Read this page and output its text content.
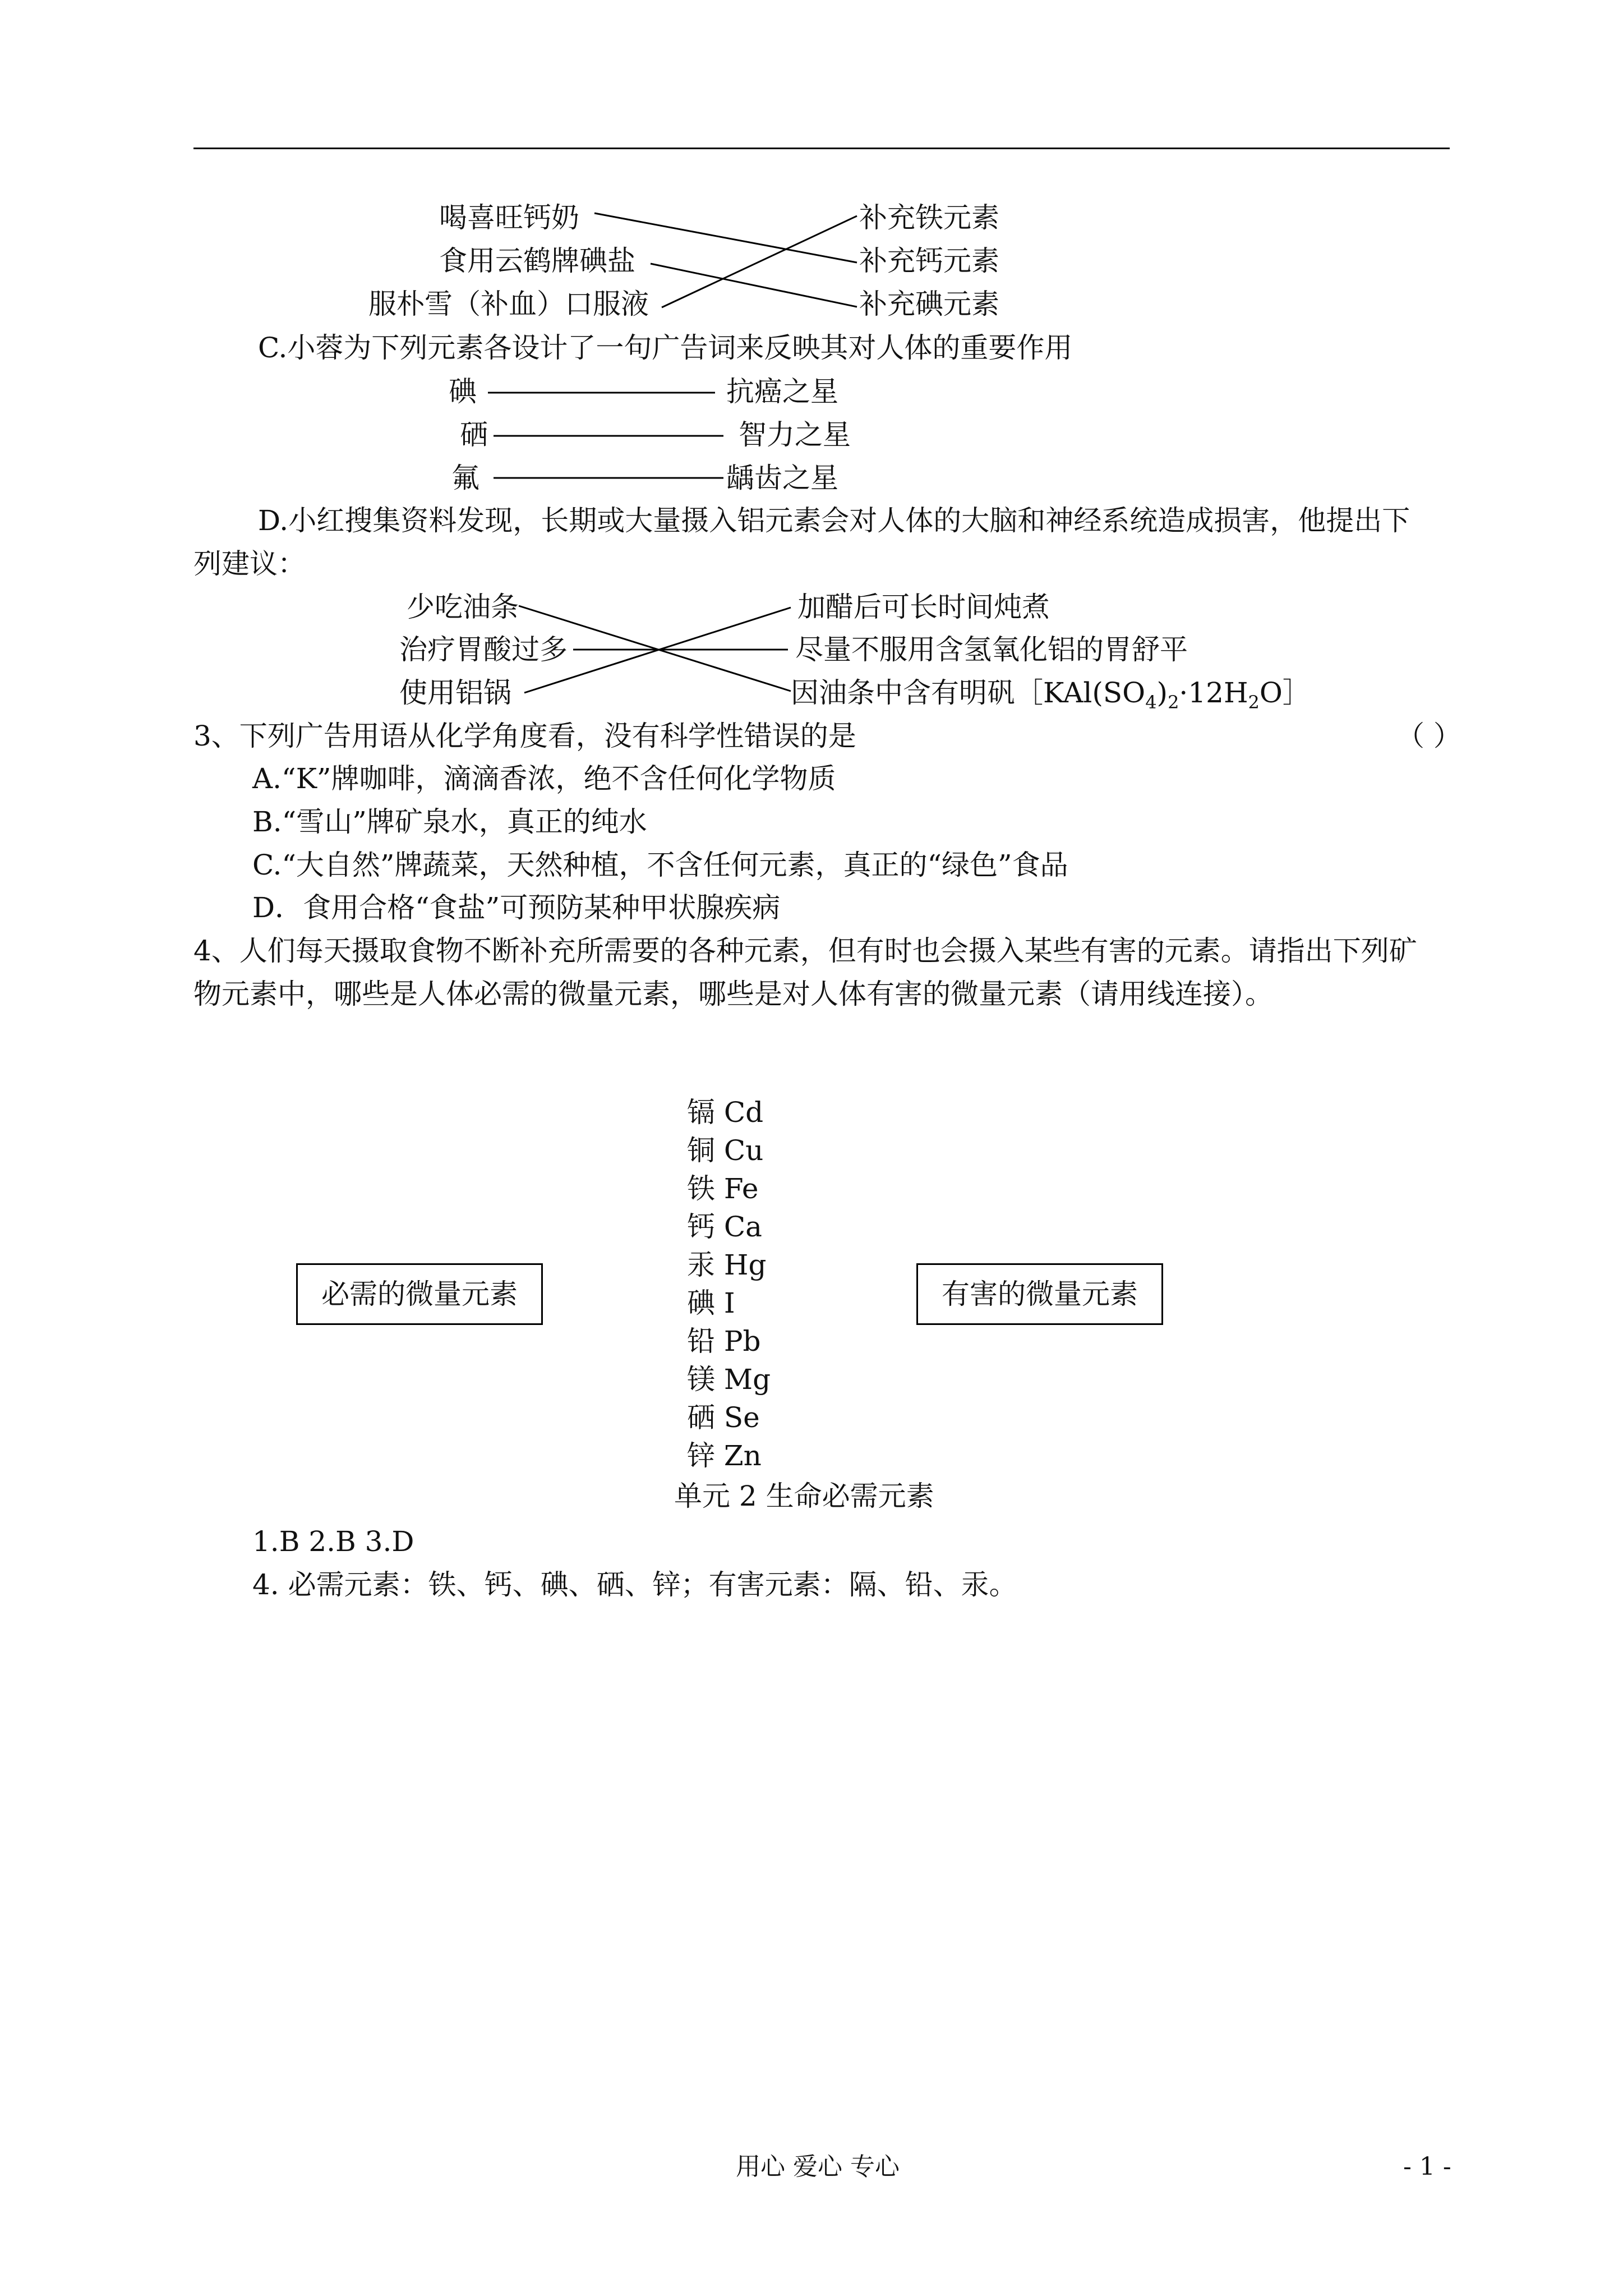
喝喜旺钙奶
食用云鹤牌碘盐
服朴雪（补血）口服液
补充铁元素
补充钙元素
补充碘元素
C.小蓉为下列元素各设计了一句广告词来反映其对人体的重要作用
碘
硒
氟
抗癌之星
智力之星
龋齿之星
D.小红搜集资料发现，长期或大量摄入铝元素会对人体的大脑和神经系统造成损害，他提出下
列建议：
少吃油条
治疗胃酸过多
使用铝锅
加醋后可长时间炖煮
尽量不服用含氢氧化铝的胃舒平
因油条中含有明矾$[KAl(SO_4)_2\cdot 12H_2O]$
3、下列广告用语从化学角度看，没有科学性错误的是	（ ）
A.“K”牌咖啡，滴滴香浓，绝不含任何化学物质
B.“雪山”牌矿泉水，真正的纯水
C.“大自然”牌蔬菜，天然种植，不含任何元素，真正的“绿色”食品
D．食用合格“食盐”可预防某种甲状腺疾病
4、人们每天摄取食物不断补充所需要的各种元素，但有时也会摄入某些有害的元素。请指出下列矿
物元素中，哪些是人体必需的微量元素，哪些是对人体有害的微量元素（请用线连接）。
必需的微量元素	有害的微量元素
镉 Cd
铜 Cu
铁 Fe
钙 Ca
汞 Hg
碘 I
铅 Pb
镁 Mg
硒 Se
锌 Zn
单元 2 生命必需元素
1.B 2.B 3.D
4. 必需元素：铁、钙、碘、硒、锌；有害元素：隔、铅、汞。
用心 爱心 专心	- 1 -
